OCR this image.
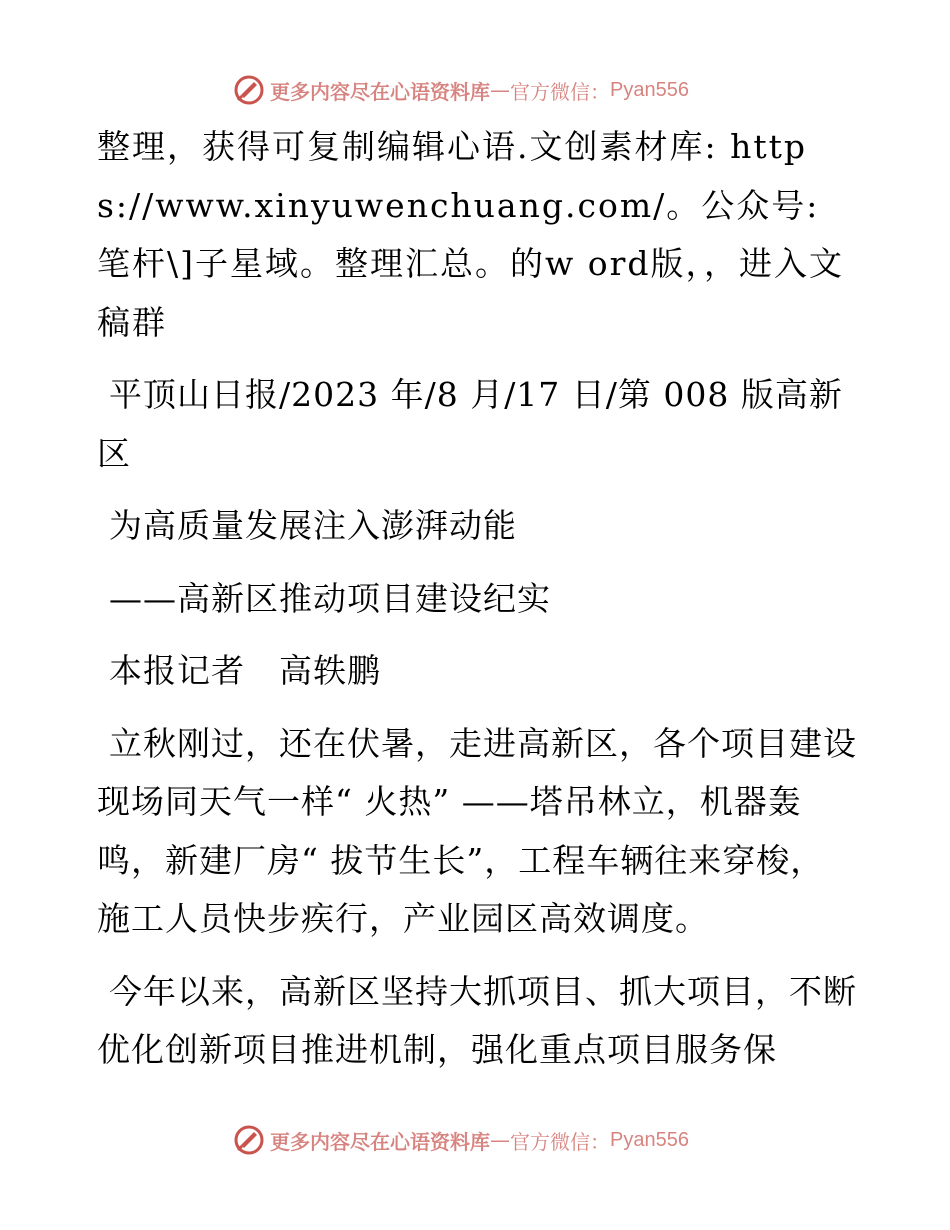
更多内容尽在心语资料库 — 官方微信： Pyan556

整理，获得可复制编辑心语.文创素材库: https://www.xinyuwenchuang.com/。公众号: 笔杆\]子星域。整理汇总。的w ord版，，进入文稿群

平顶山日报/2023 年/8 月/17 日/第 008 版高新区

为高质量发展注入澎湃动能

——高新区推动项目建设纪实

本报记者　高轶鹏

立秋刚过，还在伏暑，走进高新区，各个项目建设现场同天气一样“ 火热” ——塔吊林立，机器轰鸣，新建厂房“ 拔节生长”，工程车辆往来穿梭，施工人员快步疾行，产业园区高效调度。

今年以来，高新区坚持大抓项目、抓大项目，不断优化创新项目推进机制，强化重点项目服务保

更多内容尽在心语资料库 — 官方微信： Pyan556
